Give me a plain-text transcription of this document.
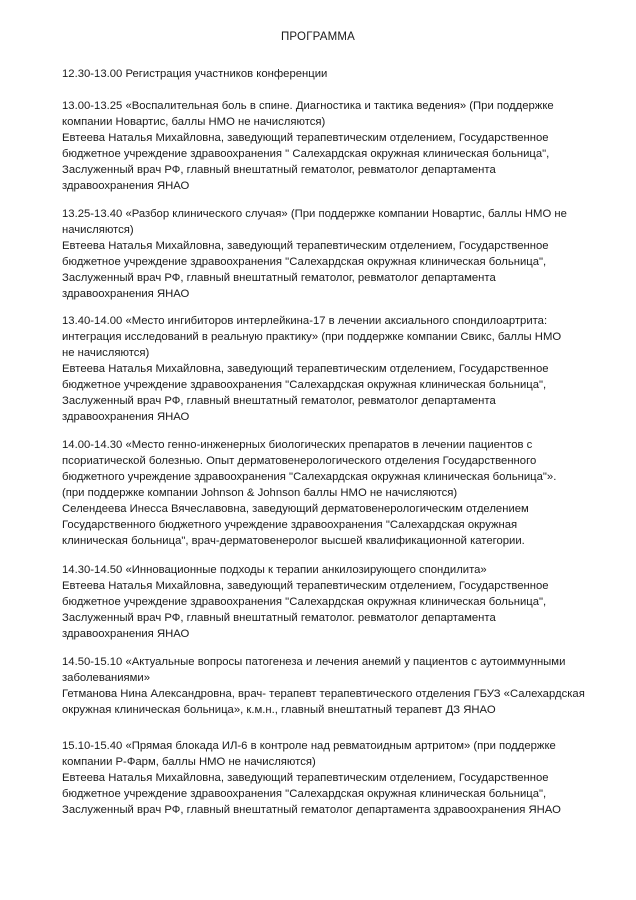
ПРОГРАММА
12.30-13.00 Регистрация участников конференции
13.00-13.25 «Воспалительная боль в спине. Диагностика и тактика ведения» (При поддержке
компании Новартис, баллы НМО не начисляются)
Евтеева Наталья Михайловна, заведующий терапевтическим отделением, Государственное
бюджетное учреждение здравоохранения " Салехардская окружная клиническая больница",
Заслуженный врач РФ, главный внештатный гематолог, ревматолог департамента
здравоохранения ЯНАО
13.25-13.40 «Разбор клинического случая» (При поддержке компании Новартис, баллы НМО не
начисляются)
Евтеева Наталья Михайловна, заведующий терапевтическим отделением, Государственное
бюджетное учреждение здравоохранения "Салехардская окружная клиническая больница",
Заслуженный врач РФ, главный внештатный гематолог, ревматолог департамента
здравоохранения ЯНАО
13.40-14.00 «Место ингибиторов интерлейкина-17 в лечении аксиального спондилоартрита:
интеграция исследований в реальную практику» (при поддержке компании Свикс, баллы НМО
не начисляются)
Евтеева Наталья Михайловна, заведующий терапевтическим отделением, Государственное
бюджетное учреждение здравоохранения "Салехардская окружная клиническая больница",
Заслуженный врач РФ, главный внештатный гематолог, ревматолог департамента
здравоохранения ЯНАО
14.00-14.30 «Место генно-инженерных биологических препаратов в лечении пациентов с
псориатической болезнью. Опыт дерматовенерологического отделения Государственного
бюджетного учреждение здравоохранения "Салехардская окружная клиническая больница"».
(при поддержке компании Johnson & Johnson баллы НМО не начисляются)
Селендеева Инесса Вячеславовна, заведующий дерматовенерологическим отделением
Государственного бюджетного учреждение здравоохранения "Салехардская окружная
клиническая больница", врач-дерматовенеролог высшей квалификационной категории.
14.30-14.50 «Инновационные подходы к терапии анкилозирующего спондилита»
Евтеева Наталья Михайловна, заведующий терапевтическим отделением, Государственное
бюджетное учреждение здравоохранения "Салехардская окружная клиническая больница",
Заслуженный врач РФ, главный внештатный гематолог. ревматолог департамента
здравоохранения ЯНАО
14.50-15.10 «Актуальные вопросы патогенеза и лечения анемий у пациентов с аутоиммунными
заболеваниями»
Гетманова Нина Александровна, врач- терапевт терапевтического отделения ГБУЗ «Салехардская
окружная клиническая больница», к.м.н., главный внештатный терапевт ДЗ ЯНАО
15.10-15.40 «Прямая блокада ИЛ-6 в контроле над ревматоидным артритом» (при поддержке
компании Р-Фарм, баллы НМО не начисляются)
Евтеева Наталья Михайловна, заведующий терапевтическим отделением, Государственное
бюджетное учреждение здравоохранения "Салехардская окружная клиническая больница",
Заслуженный врач РФ, главный внештатный гематолог департамента здравоохранения ЯНАО
